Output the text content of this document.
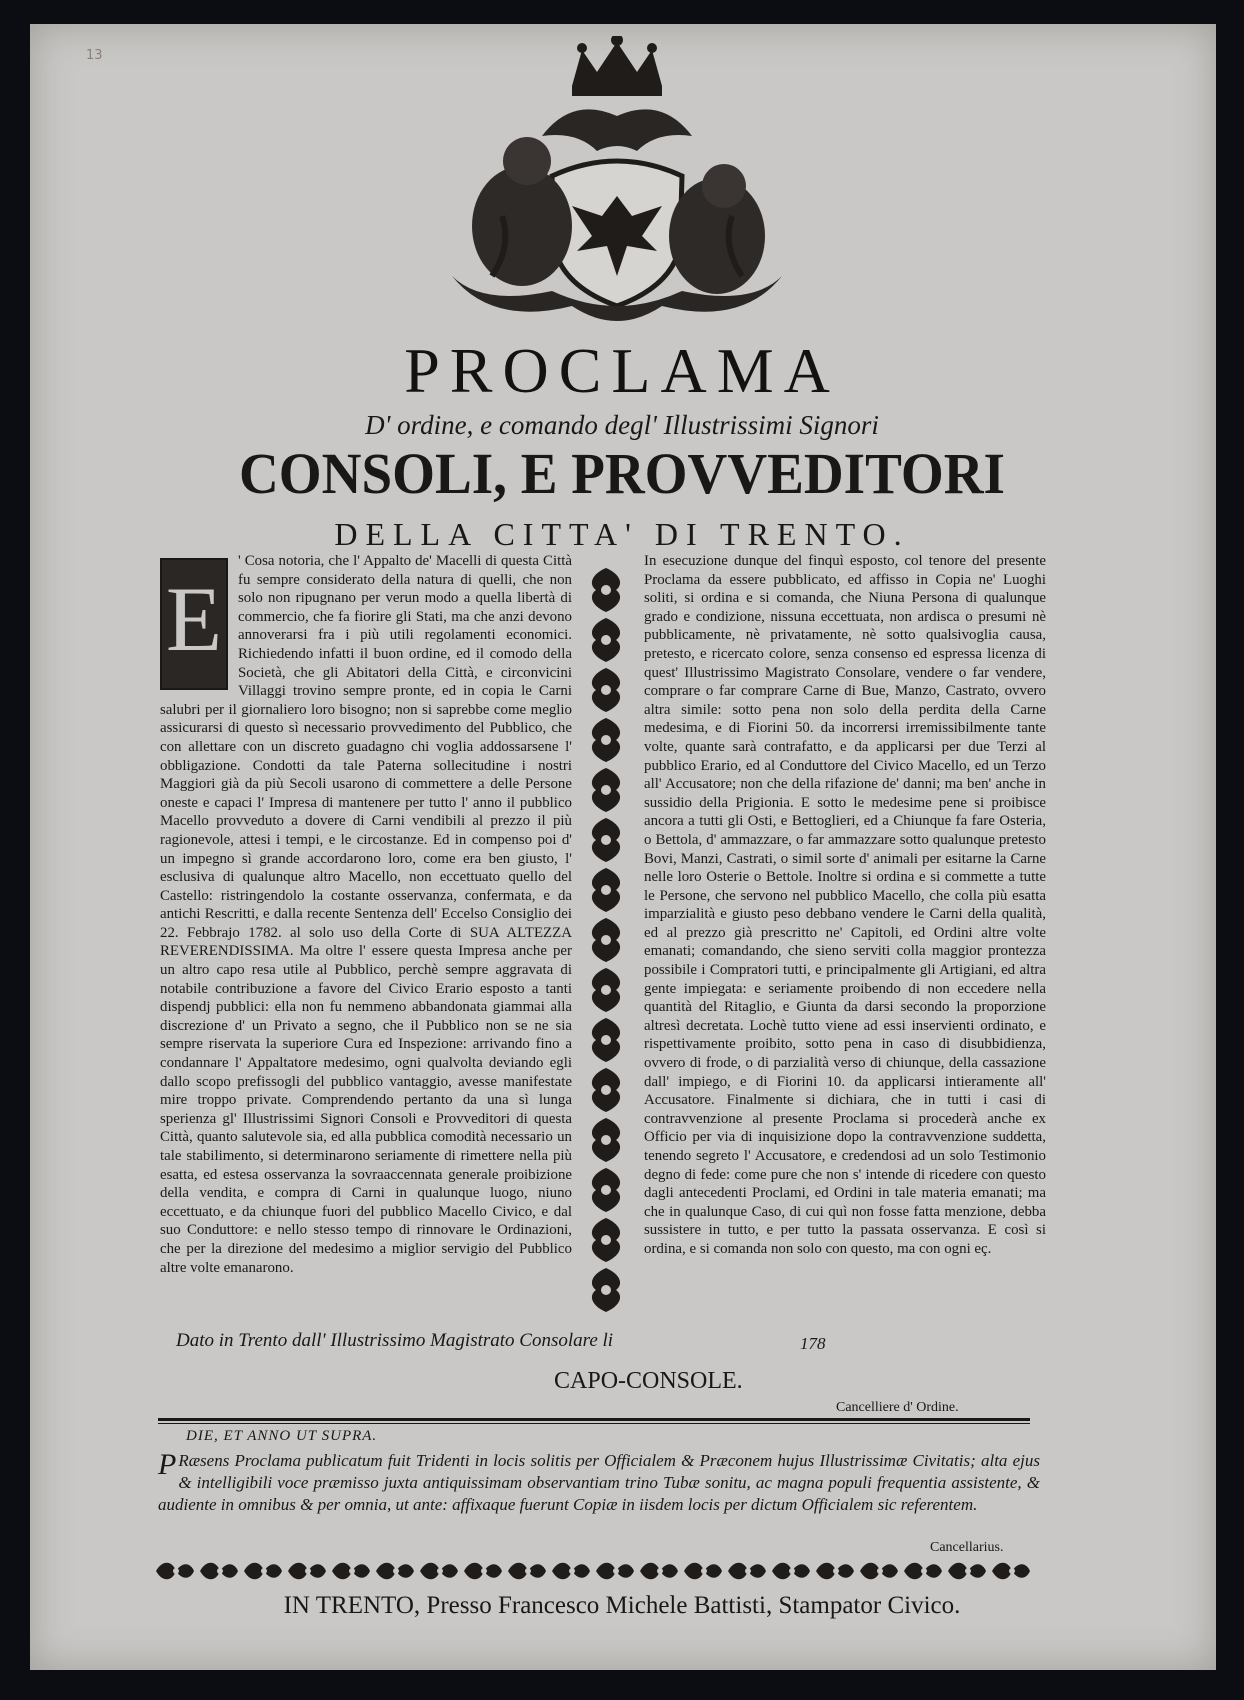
13
PROCLAMA
D' ordine, e comando degl' Illustrissimi Signori
CONSOLI, E PROVVEDITORI
DELLA CITTA' DI TRENTO.
E

' Cosa notoria, che l' Appalto de' Macelli di questa Città fu sempre considerato della natura di quelli, che non solo non ripugnano per verun modo a quella libertà di commercio, che fa fiorire gli Stati, ma che anzi devono annoverarsi fra i più utili regolamenti economici. Richiedendo infatti il buon ordine, ed il comodo della Società, che gli Abitatori della Città, e circonvicini Villaggi trovino sempre pronte, ed in copia le Carni salubri per il giornaliero loro bisogno; non si saprebbe come meglio assicurarsi di questo sì necessario provvedimento del Pubblico, che con allettare con un discreto guadagno chi voglia addossarsene l' obbligazione. Condotti da tale Paterna sollecitudine i nostri Maggiori già da più Secoli usarono di commettere a delle Persone oneste e capaci l' Impresa di mantenere per tutto l' anno il pubblico Macello provveduto a dovere di Carni vendibili al prezzo il più ragionevole, attesi i tempi, e le circostanze. Ed in compenso poi d' un impegno sì grande accordarono loro, come era ben giusto, l' esclusiva di qualunque altro Macello, non eccettuato quello del Castello: ristringendolo la costante osservanza, confermata, e da antichi Rescritti, e dalla recente Sentenza dell' Eccelso Consiglio dei 22. Febbrajo 1782. al solo uso della Corte di SUA ALTEZZA REVERENDISSIMA. Ma oltre l' essere questa Impresa anche per un altro capo resa utile al Pubblico, perchè sempre aggravata di notabile contribuzione a favore del Civico Erario esposto a tanti dispendj pubblici: ella non fu nemmeno abbandonata giammai alla discrezione d' un Privato a segno, che il Pubblico non se ne sia sempre riservata la superiore Cura ed Inspezione: arrivando fino a condannare l' Appaltatore medesimo, ogni qualvolta deviando egli dallo scopo prefissogli del pubblico vantaggio, avesse manifestate mire troppo private. Comprendendo pertanto da una sì lunga sperienza gl' Illustrissimi Signori Consoli e Provveditori di questa Città, quanto salutevole sia, ed alla pubblica comodità necessario un tale stabilimento, si determinarono seriamente di rimettere nella più esatta, ed estesa osservanza la sovraaccennata generale proibizione della vendita, e compra di Carni in qualunque luogo, niuno eccettuato, e da chiunque fuori del pubblico Macello Civico, e dal suo Conduttore: e nello stesso tempo di rinnovare le Ordinazioni, che per la direzione del medesimo a miglior servigio del Pubblico altre volte emanarono.

In esecuzione dunque del finquì esposto, col tenore del presente Proclama da essere pubblicato, ed affisso in Copia ne' Luoghi soliti, si ordina e si comanda, che Niuna Persona di qualunque grado e condizione, nissuna eccettuata, non ardisca o presumi nè pubblicamente, nè privatamente, nè sotto qualsivoglia causa, pretesto, e ricercato colore, senza consenso ed espressa licenza di quest' Illustrissimo Magistrato Consolare, vendere o far vendere, comprare o far comprare Carne di Bue, Manzo, Castrato, ovvero altra simile: sotto pena non solo della perdita della Carne medesima, e di Fiorini 50. da incorrersi irremissibilmente tante volte, quante sarà contrafatto, e da applicarsi per due Terzi al pubblico Erario, ed al Conduttore del Civico Macello, ed un Terzo all' Accusatore; non che della rifazione de' danni; ma ben' anche in sussidio della Prigionia. E sotto le medesime pene si proibisce ancora a tutti gli Osti, e Bettoglieri, ed a Chiunque fa fare Osteria, o Bettola, d' ammazzare, o far ammazzare sotto qualunque pretesto Bovi, Manzi, Castrati, o simil sorte d' animali per esitarne la Carne nelle loro Osterie o Bettole. Inoltre si ordina e si commette a tutte le Persone, che servono nel pubblico Macello, che colla più esatta imparzialità e giusto peso debbano vendere le Carni della qualità, ed al prezzo già prescritto ne' Capitoli, ed Ordini altre volte emanati; comandando, che sieno serviti colla maggior prontezza possibile i Compratori tutti, e principalmente gli Artigiani, ed altra gente impiegata: e seriamente proibendo di non eccedere nella quantità del Ritaglio, e Giunta da darsi secondo la proporzione altresì decretata. Lochè tutto viene ad essi inservienti ordinato, e rispettivamente proibito, sotto pena in caso di disubbidienza, ovvero di frode, o di parzialità verso di chiunque, della cassazione dall' impiego, e di Fiorini 10. da applicarsi intieramente all' Accusatore. Finalmente si dichiara, che in tutti i casi di contravvenzione al presente Proclama si procederà anche ex Officio per via di inquisizione dopo la contravvenzione suddetta, tenendo segreto l' Accusatore, e credendosi ad un solo Testimonio degno di fede: come pure che non s' intende di ricedere con questo dagli antecedenti Proclami, ed Ordini in tale materia emanati; ma che in qualunque Caso, di cui quì non fosse fatta menzione, debba sussistere in tutto, e per tutto la passata osservanza. E così si ordina, e si comanda non solo con questo, ma con ogni eç.

Dato in Trento dall' Illustrissimo Magistrato Consolare li	178
CAPO-CONSOLE.
Cancelliere d' Ordine.
DIE, ET ANNO UT SUPRA.
P Ræsens Proclama publicatum fuit Tridenti in locis solitis per Officialem & Præconem hujus Illustrissimæ Civitatis; alta ejus & intelligibili voce præmisso juxta antiquissimam observantiam trino Tubæ sonitu, ac magna populi frequentia assistente, & audiente in omnibus & per omnia, ut ante: affixaque fuerunt Copiæ in iisdem locis per dictum Officialem sic referentem.
Cancellarius.
IN TRENTO, Presso Francesco Michele Battisti, Stampator Civico.
